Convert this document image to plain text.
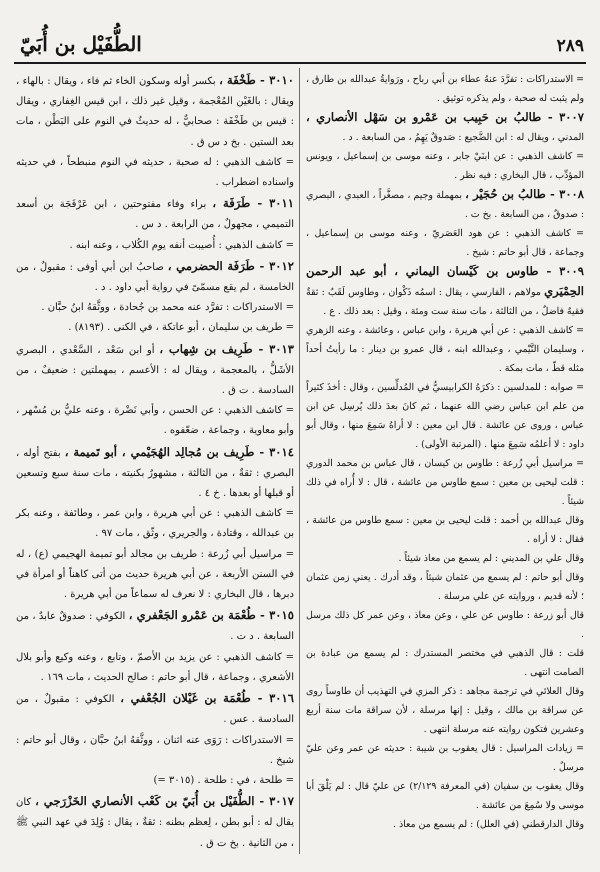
٢٨٩
الطُّفَيْل بن أُبَيّ

= الاستدراكات : تفرَّدَ عنهُ عطاء بن أبي رباح ، ورَوايةُ عبدالله بن طارق ، ولم يثبت له صحبة ، ولم يذكره توثيق .

٣٠٠٧ - طالبُ بن حَبِيب بن عَمْرو بن سَهْل الأنصاري ، المدني ، ويقال له : ابن الضَّجيع : صَدوقٌ يَهِمُ ، من السابعة . د .

= كاشف الذهبي : عن ابنَيْ جابر ، وعنه موسى بن إسماعيل ، ويونس المؤدِّب ، قال البخاري : فيه نظر .

٣٠٠٨ - طالبُ بن حُجَيْر ، بمهملة وجيم ، مصغَّراً ، العبدي ، البصري : صدوقٌ ، من السابعة . بخ ت .

= كاشف الذهبي : عن هود العَصَريّ ، وعنه موسى بن إسماعيل ، وجماعة ، قال أبو حاتم : شيخ .

٣٠٠٩ - طاوس بن كَيْسان اليماني ، أبو عبد الرحمن الحِمْيَري مولاهم ، الفارسي ، يقال : اسمُه ذَكْوان ، وطاوس لَقَبٌ : ثقةٌ فقيهٌ فاضلٌ ، من الثالثة ، مات سنة ست ومئة ، وقيل : بعد ذلك . ع .

= كاشف الذهبي : عن أبي هريرة ، وابن عباس ، وعائشة ، وعنه الزهري ، وسليمان التَّيْمي ، وعبدالله ابنه ، قال عمرو بن دينار : ما رأيتُ أحداً مثله قطّ ، مات بمكة .

= صوابه : للمدلسين : ذكرَهُ الكرابيسيُّ في المُدلِّسين ، وقال : أخذَ كثيراً من علم ابن عباس رضي الله عنهما ، ثم كانَ بعدَ ذلك يُرسِل عن ابن عباس ، وروى عن عائشة . قال ابن معين : لا أراهُ سَمِعَ منها ، وقال أبو داود : لا أعلمُه سَمِعَ منها . (المرتبة الأولى) .

= مراسيل أبي زُرعة : طاوس بن كيسان ، قال عباس بن محمد الدوري : قلت ليحيى بن معين : سمع طاوس من عائشة ، قال : لا أُراه في ذلك شيئاً .

وقال عبدالله بن أحمد : قلت ليحيى بن معين : سمع طاوس من عائشة ، فقال : لا أراه .

وقال علي بن المديني : لم يسمع من معاذ شيئاً .

وقال أبو حاتم : لم يسمع من عثمان شيئاً ، وقد أدرك . يعني زمن عثمان ؛ لأنه قديم ، وروايته عن علي مرسلة .

قال أبو زرعة : طاوس عن علي ، وعن معاذ ، وعن عمر كل ذلك مرسل .

قلت : قال الذهبي في مختصر المستدرك : لم يسمع من عبادة بن الصامت انتهى .

وقال العلائي في ترجمة مجاهد : ذكر المزي في التهذيب أن طاوساً روى عن سراقة بن مالك ، وقيل : إنها مرسلة ، لأن سراقة مات سنة أربع وعشرين فتكون روايته عنه مرسلة انتهى .

= زيادات المراسيل : قال يعقوب بن شيبة : حديثه عن عمر وعن عليّ مرسلٌ .

وقال يعقوب بن سفيان (في المعرفة ٢/١٢٩) عن عليّ قال : لم يَلْقَ أبا موسى ولا سُمِعَ من عائشة .

وقال الدارقطني (في العلل) : لم يسمع من معاذ .

٣٠١٠ - طَخْفَة ، بكسر أوله وسكون الخاء ثم فاء ، ويقال : بالهاء ، ويقال : بالغَيْن المُعْجمة ، وقيل غير ذلك ، ابن قيس الغِفاري ، ويقال : قيس بن طَخْفَة : صحابيٌّ ، له حديثٌ في النوم على البَطْن ، مات بعد الستين . بخ د س ق .

= كاشف الذهبي : له صحبة ، حديثه في النوم منبطحاً ، في حديثه واسناده اضطراب .

٣٠١١ - طَرَفَة ، براء وفاء مفتوحتين ، ابن عَرْفَجَة بن أسعد التميمي ، مجهولٌ ، من الرابعة . د س .

= كاشف الذهبي : أُصيبت أنفه يوم الكُلاب ، وعنه ابنه .

٣٠١٢ - طَرَفَة الحضرمي ، صاحبُ ابن أبي أوفى : مقبولٌ ، من الخامسة ، لم يقع مسمّىً في رواية أبي داود . د .

= الاستدراكات : تفرَّد عنه محمد بن جُحادة ، ووثَّقهُ ابنُ حبَّان .

= طريف بن سليمان ، أبو عاتكة ، في الكنى . (٨١٩٣) .

٣٠١٣ - طَرِيف بن شِهاب ، أو ابن سَعْد ، السَّعْدي ، البصري الأشَلُّ ، بالمعجمة ، ويقال له : الأعسم ، بمهملتين : ضعيفٌ ، من السادسة . ت ق .

= كاشف الذهبي : عن الحسن ، وأبي نَضْرة ، وعنه عليُّ بن مُسْهر ، وأبو معاوية ، وجماعة ، ضعّفوه .

٣٠١٤ - طَرِيف بن مُجالِد الهُجَيْمي ، أبو تَميمة ، بفتح أوله ، البصري : ثقةٌ ، من الثالثة ، مشهورٌ بكنيته ، مات سنة سبع وتسعين أو قبلها أو بعدها . خ ٤ .

= كاشف الذهبي : عن أبي هريرة ، وابن عمر ، وطائفة ، وعنه بكر بن عبدالله ، وقتادة ، والجريري ، وثّق ، مات ٩٧ .

= مراسيل أبي زُرعة : طريف بن مجالد أبو تميمة الهجيمي (ع) ، له في السنن الأربعة ، عن أبي هريرة حديث من أتى كاهناً أو امرأة في دبرها ، قال البخاري : لا نعرف له سماعاً من أبي هريرة .

٣٠١٥ - طُعْمَة بن عَمْرو الجَعْفري ، الكوفي : صدوقٌ عابدٌ ، من السابعة . د ت .

= كاشف الذهبي : عن يزيد بن الأصمّ ، وتابع ، وعنه وكيع وأبو بلال الأشعري ، وجماعة ، قال أبو حاتم : صالح الحديث ، مات ١٦٩ .

٣٠١٦ - طُعْمَة بن غَيْلان الجُعْفي ، الكوفي : مقبولٌ ، من السادسة . عس .

= الاستدراكات : رَوَى عنه اثنان ، ووثَّقهُ ابنُ حبَّان ، وقال أبو حاتم : شيخ .

= طلحة ، في : طلحة . (٣٠١٥ =)

٣٠١٧ - الطُّفَيْل بن أُبَيّ بن كَعْب الأنصاري الخَزْرَجي ، كان يقال له : أبو بطن ، لِعظم بطنه : ثقةٌ ، يقال : وُلِدَ في عهد النبي ﷺ ، من الثانية . بخ ت ق .
